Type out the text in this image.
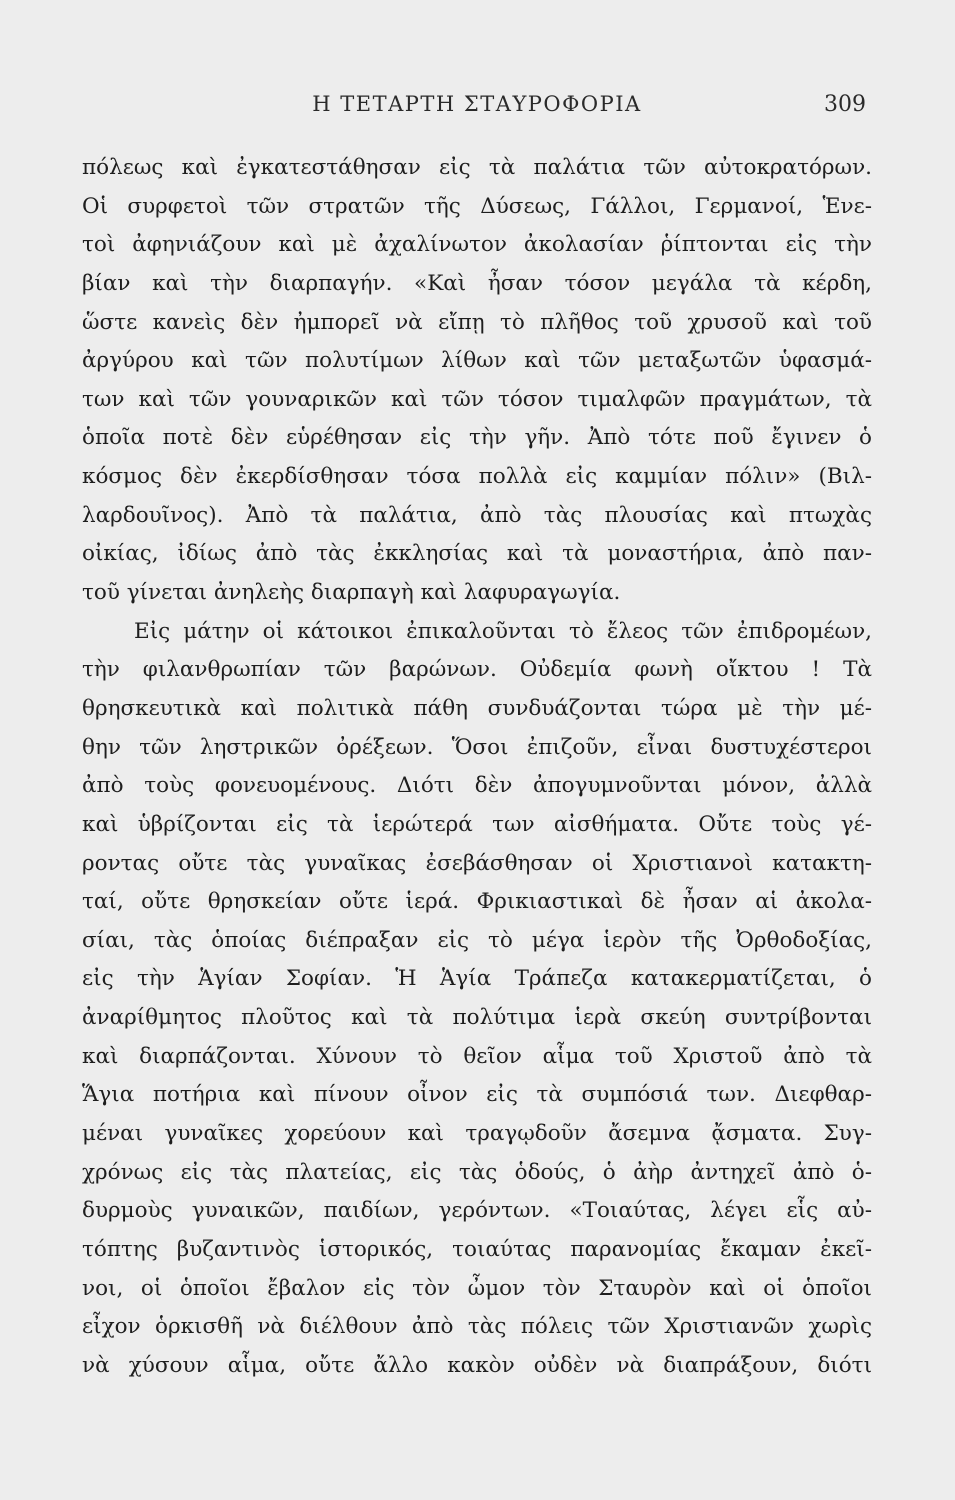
Η ΤΕΤΑΡΤΗ ΣΤΑΥΡΟΦΟΡΙΑ	309
πόλεως καὶ ἐγκατεστάθησαν εἰς τὰ παλάτια τῶν αὐτοκρατόρων.
Οἱ συρφετοὶ τῶν στρατῶν τῆς Δύσεως, Γάλλοι, Γερμανοί, Ἑνε-
τοὶ ἀφηνιάζουν καὶ μὲ ἀχαλίνωτον ἀκολασίαν ῥίπτονται εἰς τὴν
βίαν καὶ τὴν διαρπαγήν. «Καὶ ἦσαν τόσον μεγάλα τὰ κέρδη,
ὥστε κανεὶς δὲν ἠμπορεῖ νὰ εἴπῃ τὸ πλῆθος τοῦ χρυσοῦ καὶ τοῦ
ἀργύρου καὶ τῶν πολυτίμων λίθων καὶ τῶν μεταξωτῶν ὑφασμά-
των καὶ τῶν γουναρικῶν καὶ τῶν τόσον τιμαλφῶν πραγμάτων, τὰ
ὁποῖα ποτὲ δὲν εὑρέθησαν εἰς τὴν γῆν. Ἀπὸ τότε ποῦ ἔγινεν ὁ
κόσμος δὲν ἐκερδίσθησαν τόσα πολλὰ εἰς καμμίαν πόλιν» (Βιλ-
λαρδουῖνος). Ἀπὸ τὰ παλάτια, ἀπὸ τὰς πλουσίας καὶ πτωχὰς
οἰκίας, ἰδίως ἀπὸ τὰς ἐκκλησίας καὶ τὰ μοναστήρια, ἀπὸ παν-
τοῦ γίνεται ἀνηλεὴς διαρπαγὴ καὶ λαφυραγωγία.
Εἰς μάτην οἱ κάτοικοι ἐπικαλοῦνται τὸ ἔλεος τῶν ἐπιδρομέων,
τὴν φιλανθρωπίαν τῶν βαρώνων. Οὐδεμία φωνὴ οἴκτου ! Τὰ
θρησκευτικὰ καὶ πολιτικὰ πάθη συνδυάζονται τώρα μὲ τὴν μέ-
θην τῶν ληστρικῶν ὀρέξεων. Ὅσοι ἐπιζοῦν, εἶναι δυστυχέστεροι
ἀπὸ τοὺς φονευομένους. Διότι δὲν ἀπογυμνοῦνται μόνον, ἀλλὰ
καὶ ὑβρίζονται εἰς τὰ ἱερώτερά των αἰσθήματα. Οὔτε τοὺς γέ-
ροντας οὔτε τὰς γυναῖκας ἐσεβάσθησαν οἱ Χριστιανοὶ κατακτη-
ταί, οὔτε θρησκείαν οὔτε ἱερά. Φρικιαστικαὶ δὲ ἦσαν αἱ ἀκολα-
σίαι, τὰς ὁποίας διέπραξαν εἰς τὸ μέγα ἱερὸν τῆς Ὀρθοδοξίας,
εἰς τὴν Ἁγίαν Σοφίαν. Ἡ Ἁγία Τράπεζα κατακερματίζεται, ὁ
ἀναρίθμητος πλοῦτος καὶ τὰ πολύτιμα ἱερὰ σκεύη συντρίβονται
καὶ διαρπάζονται. Χύνουν τὸ θεῖον αἷμα τοῦ Χριστοῦ ἀπὸ τὰ
Ἅγια ποτήρια καὶ πίνουν οἶνον εἰς τὰ συμπόσιά των. Διεφθαρ-
μέναι γυναῖκες χορεύουν καὶ τραγῳδοῦν ἄσεμνα ᾄσματα. Συγ-
χρόνως εἰς τὰς πλατείας, εἰς τὰς ὁδούς, ὁ ἀὴρ ἀντηχεῖ ἀπὸ ὁ-
δυρμοὺς γυναικῶν, παιδίων, γερόντων. «Τοιαύτας, λέγει εἷς αὐ-
τόπτης βυζαντινὸς ἱστορικός, τοιαύτας παρανομίας ἔκαμαν ἐκεῖ-
νοι, οἱ ὁποῖοι ἔβαλον εἰς τὸν ὦμον τὸν Σταυρὸν καὶ οἱ ὁποῖοι
εἶχον ὁρκισθῆ νὰ διέλθουν ἀπὸ τὰς πόλεις τῶν Χριστιανῶν χωρὶς
νὰ χύσουν αἷμα, οὔτε ἄλλο κακὸν οὐδὲν νὰ διαπράξουν, διότι
